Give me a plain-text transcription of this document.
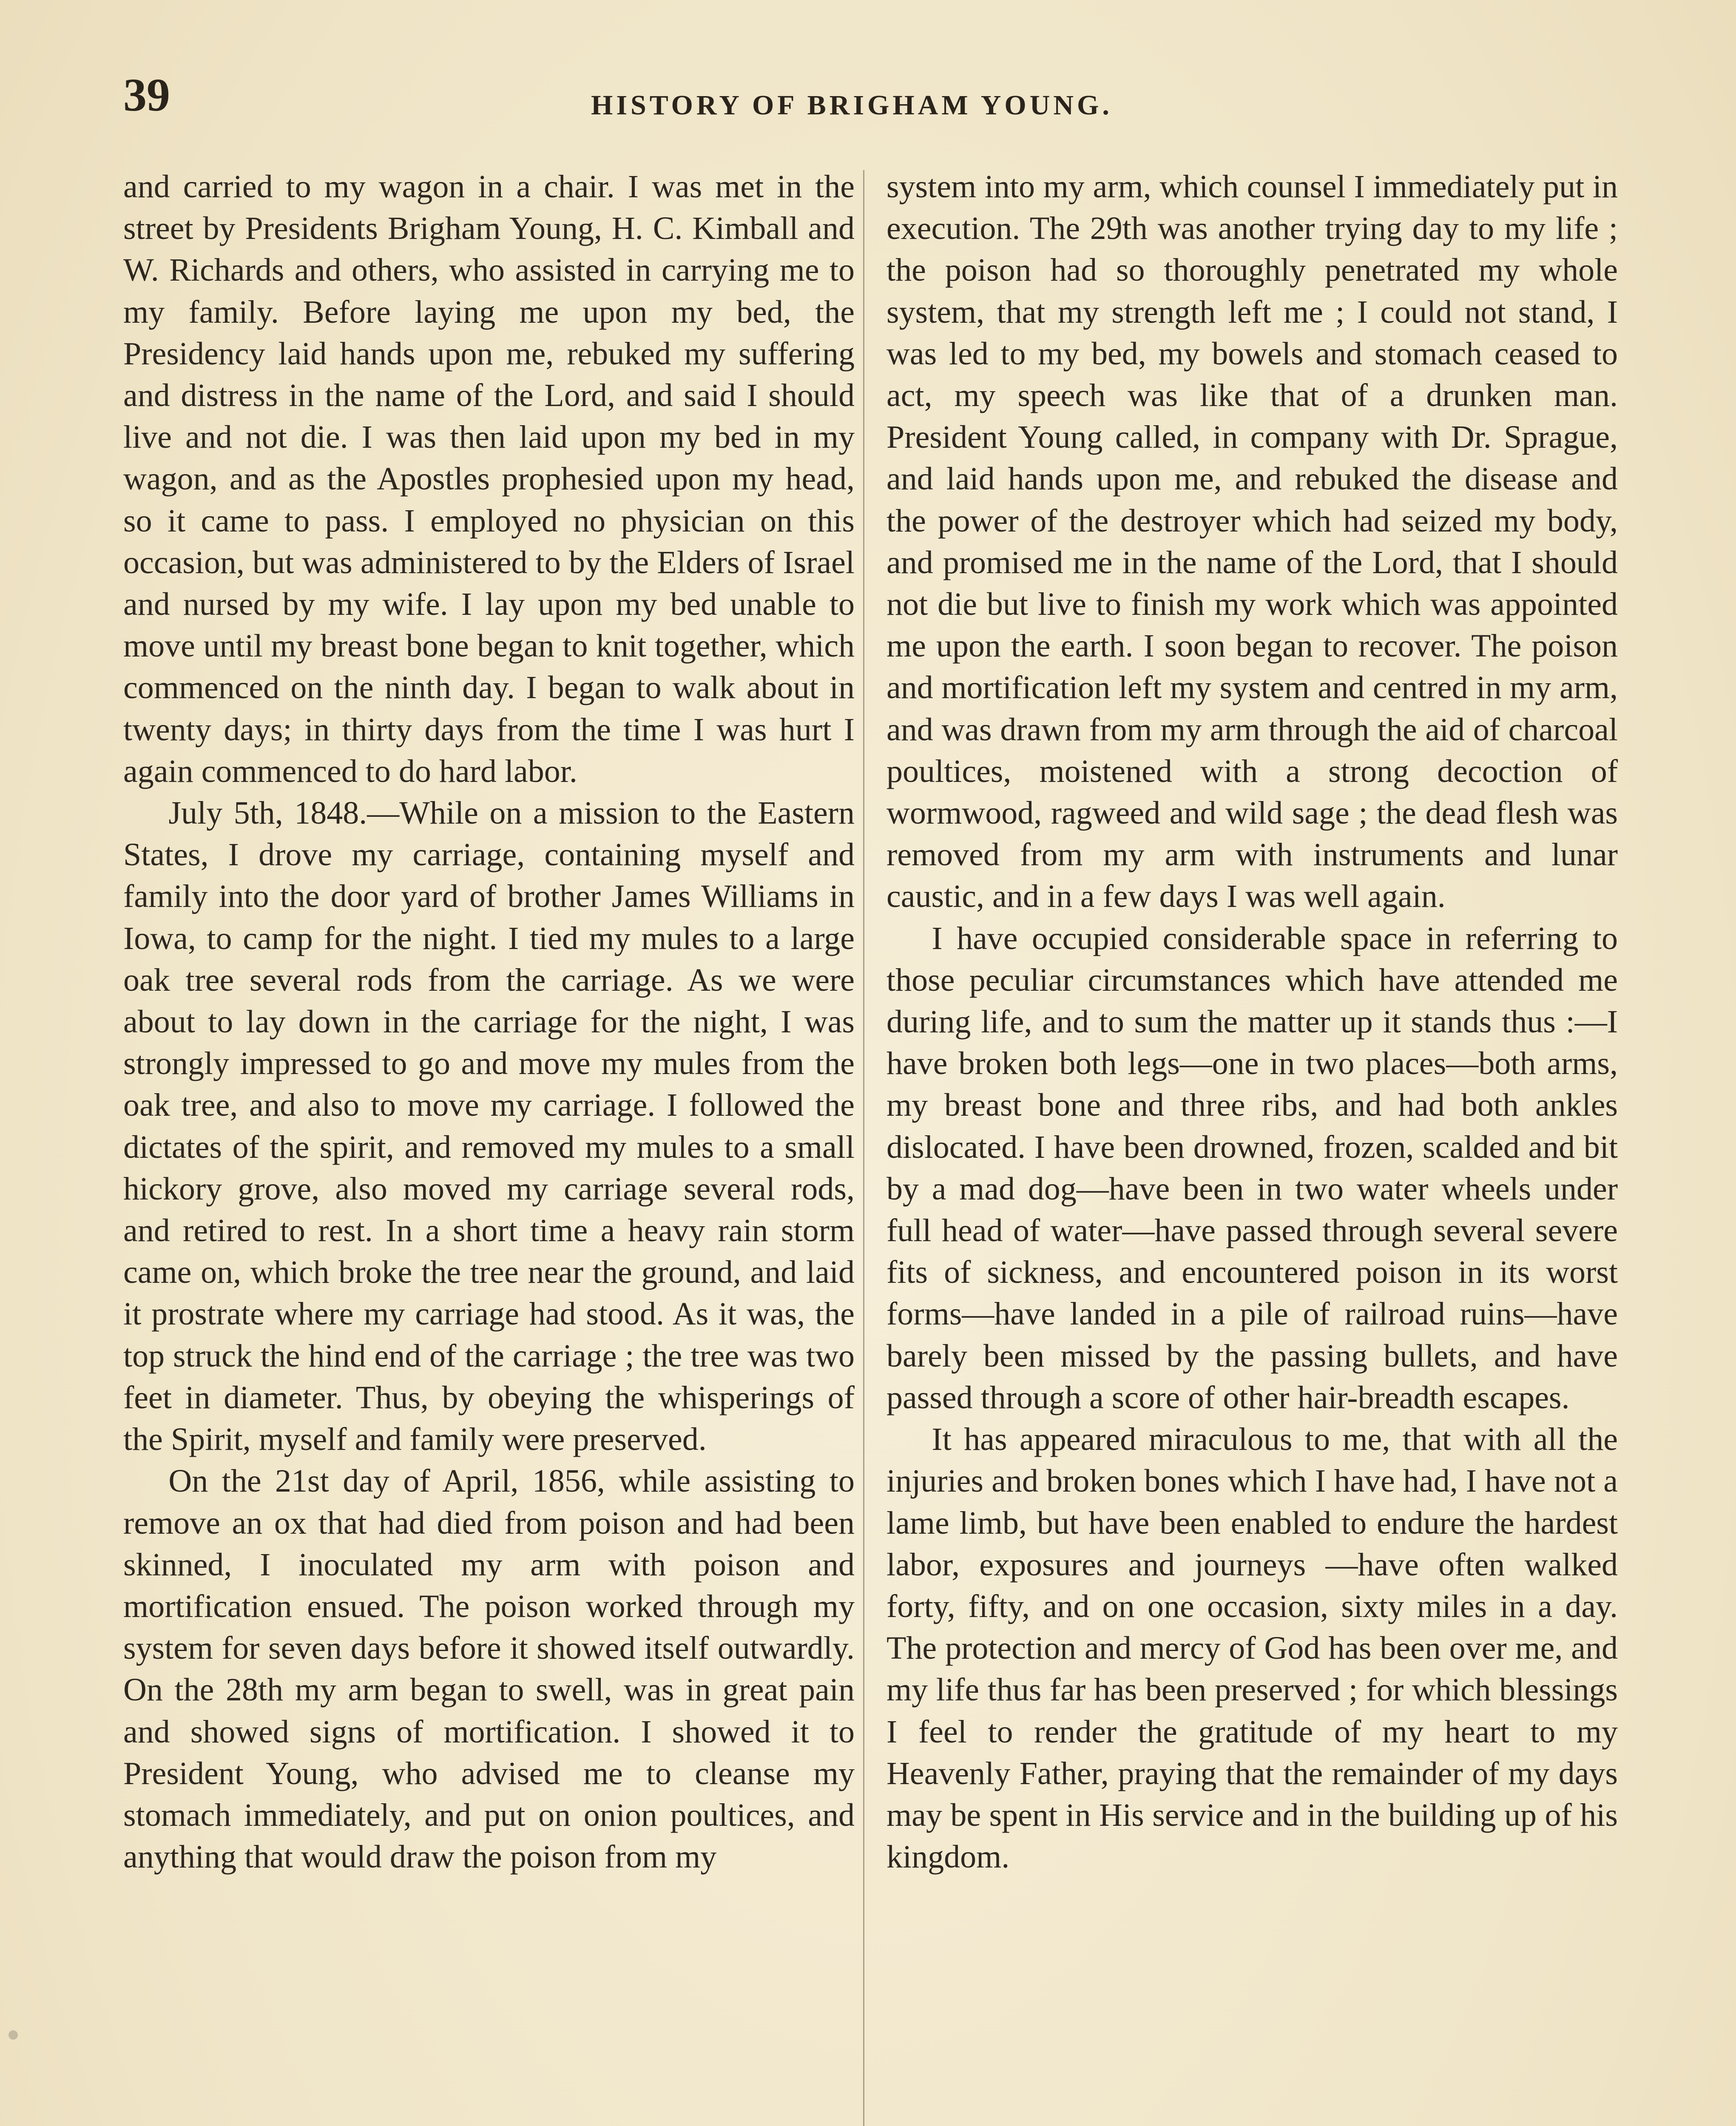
39	HISTORY OF BRIGHAM YOUNG.

and carried to my wagon in a chair. I was met in the street by Presidents Brigham Young, H. C. Kimball and W. Richards and others, who assisted in carrying me to my family. Before laying me upon my bed, the Presidency laid hands upon me, rebuked my suffering and distress in the name of the Lord, and said I should live and not die. I was then laid upon my bed in my wagon, and as the Apostles prophesied upon my head, so it came to pass. I employed no physician on this occasion, but was administered to by the Elders of Israel and nursed by my wife. I lay upon my bed unable to move until my breast bone began to knit together, which commenced on the ninth day. I began to walk about in twenty days; in thirty days from the time I was hurt I again commenced to do hard labor.

July 5th, 1848.—While on a mission to the Eastern States, I drove my carriage, containing myself and family into the door yard of brother James Williams in Iowa, to camp for the night. I tied my mules to a large oak tree several rods from the carriage. As we were about to lay down in the carriage for the night, I was strongly impressed to go and move my mules from the oak tree, and also to move my carriage. I followed the dictates of the spirit, and removed my mules to a small hickory grove, also moved my carriage several rods, and retired to rest. In a short time a heavy rain storm came on, which broke the tree near the ground, and laid it prostrate where my carriage had stood. As it was, the top struck the hind end of the carriage ; the tree was two feet in diameter. Thus, by obeying the whisperings of the Spirit, myself and family were preserved.

On the 21st day of April, 1856, while assisting to remove an ox that had died from poison and had been skinned, I inoculated my arm with poison and mortification ensued. The poison worked through my system for seven days before it showed itself outwardly. On the 28th my arm began to swell, was in great pain and showed signs of mortification. I showed it to President Young, who advised me to cleanse my stomach immediately, and put on onion poultices, and anything that would draw the poison from my

system into my arm, which counsel I immediately put in execution. The 29th was another trying day to my life ; the poison had so thoroughly penetrated my whole system, that my strength left me ; I could not stand, I was led to my bed, my bowels and stomach ceased to act, my speech was like that of a drunken man. President Young called, in company with Dr. Sprague, and laid hands upon me, and rebuked the disease and the power of the destroyer which had seized my body, and promised me in the name of the Lord, that I should not die but live to finish my work which was appointed me upon the earth. I soon began to recover. The poison and mortification left my system and centred in my arm, and was drawn from my arm through the aid of charcoal poultices, moistened with a strong decoction of wormwood, ragweed and wild sage ; the dead flesh was removed from my arm with instruments and lunar caustic, and in a few days I was well again.

I have occupied considerable space in referring to those peculiar circumstances which have attended me during life, and to sum the matter up it stands thus :—I have broken both legs—one in two places—both arms, my breast bone and three ribs, and had both ankles dislocated. I have been drowned, frozen, scalded and bit by a mad dog—have been in two water wheels under full head of water—have passed through several severe fits of sickness, and encountered poison in its worst forms—have landed in a pile of railroad ruins—have barely been missed by the passing bullets, and have passed through a score of other hair-breadth escapes.

It has appeared miraculous to me, that with all the injuries and broken bones which I have had, I have not a lame limb, but have been enabled to endure the hardest labor, exposures and journeys —have often walked forty, fifty, and on one occasion, sixty miles in a day. The protection and mercy of God has been over me, and my life thus far has been preserved ; for which blessings I feel to render the gratitude of my heart to my Heavenly Father, praying that the remainder of my days may be spent in His service and in the building up of his kingdom.
